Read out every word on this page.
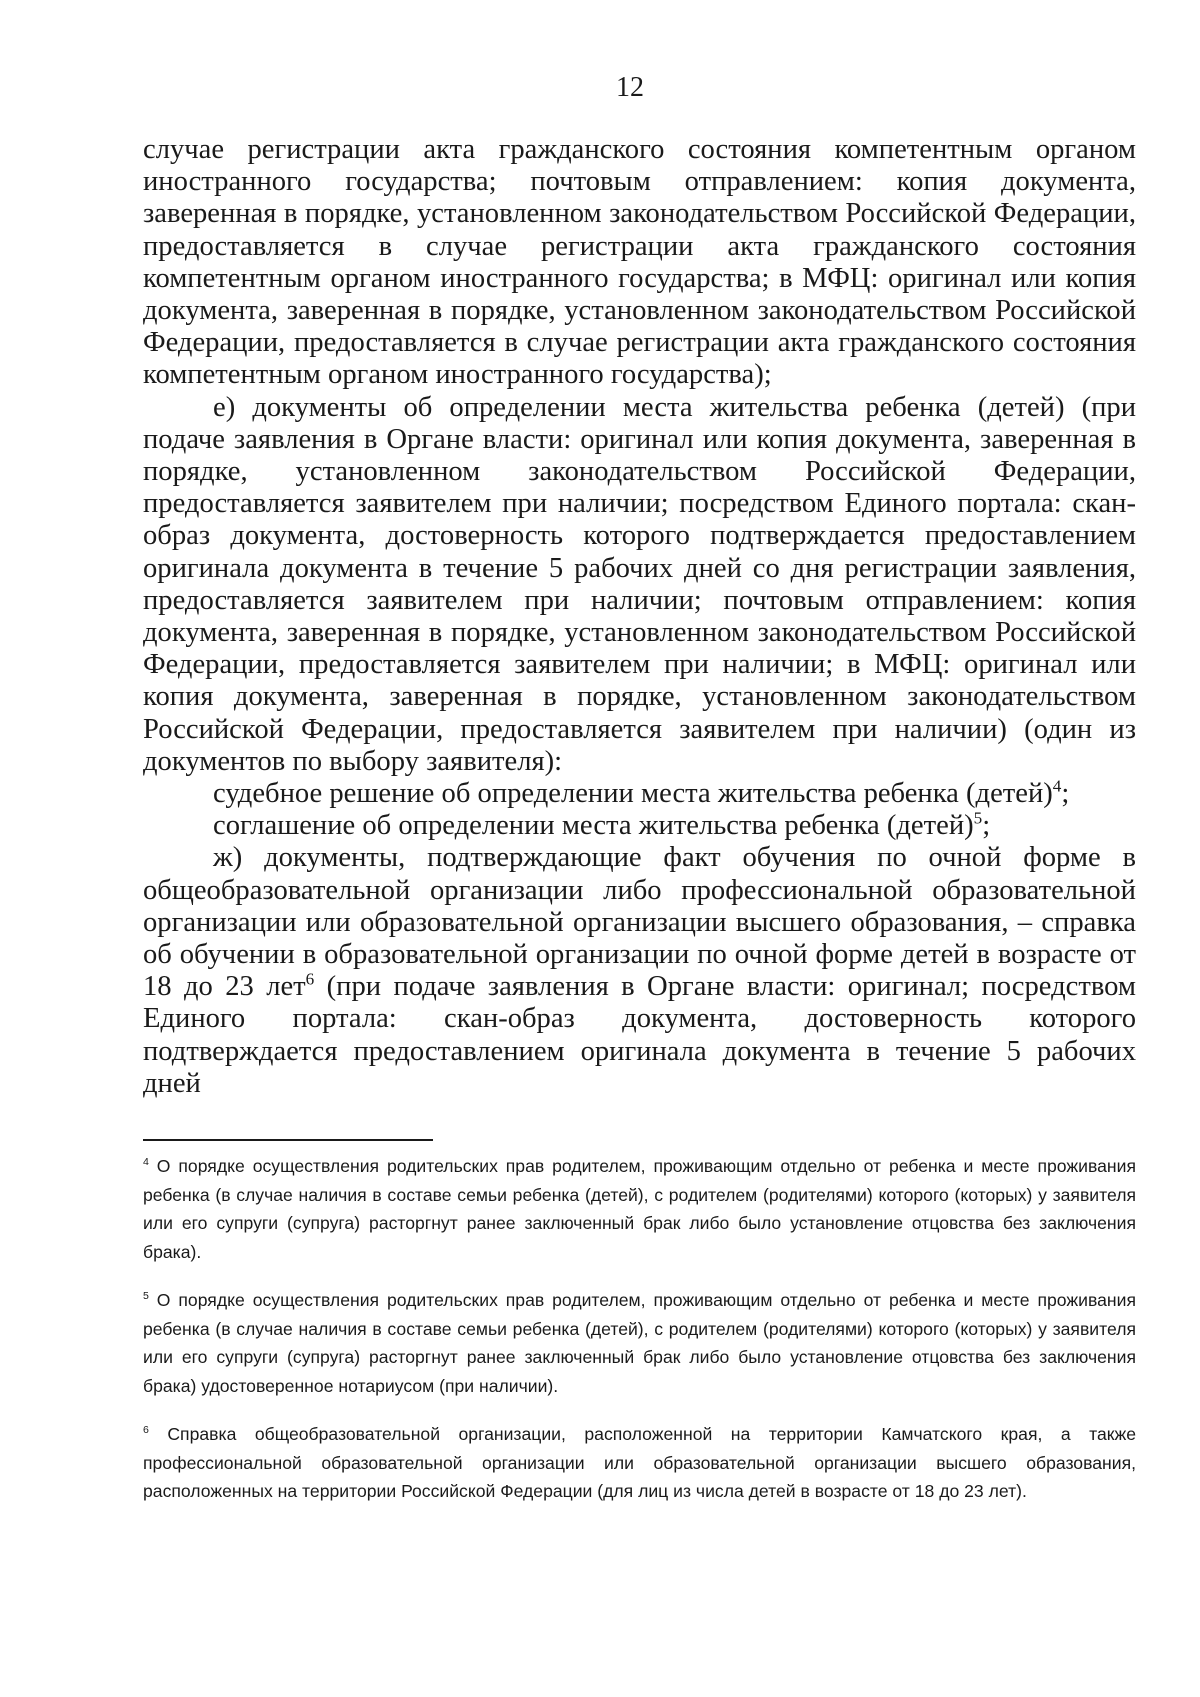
12

случае регистрации акта гражданского состояния компетентным органом иностранного государства; почтовым отправлением: копия документа, заверенная в порядке, установленном законодательством Российской Федерации, предоставляется в случае регистрации акта гражданского состояния компетентным органом иностранного государства; в МФЦ: оригинал или копия документа, заверенная в порядке, установленном законодательством Российской Федерации, предоставляется в случае регистрации акта гражданского состояния компетентным органом иностранного государства);

е) документы об определении места жительства ребенка (детей) (при подаче заявления в Органе власти: оригинал или копия документа, заверенная в порядке, установленном законодательством Российской Федерации, предоставляется заявителем при наличии; посредством Единого портала: скан-образ документа, достоверность которого подтверждается предоставлением оригинала документа в течение 5 рабочих дней со дня регистрации заявления, предоставляется заявителем при наличии; почтовым отправлением: копия документа, заверенная в порядке, установленном законодательством Российской Федерации, предоставляется заявителем при наличии; в МФЦ: оригинал или копия документа, заверенная в порядке, установленном законодательством Российской Федерации, предоставляется заявителем при наличии) (один из документов по выбору заявителя):

судебное решение об определении места жительства ребенка (детей)$^4$;

соглашение об определении места жительства ребенка (детей)$^5$;

ж) документы, подтверждающие факт обучения по очной форме в общеобразовательной организации либо профессиональной образовательной организации или образовательной организации высшего образования, – справка об обучении в образовательной организации по очной форме детей в возрасте от 18 до 23 лет$^6$ (при подаче заявления в Органе власти: оригинал; посредством Единого портала: скан-образ документа, достоверность которого подтверждается предоставлением оригинала документа в течение 5 рабочих дней

$^4$ О порядке осуществления родительских прав родителем, проживающим отдельно от ребенка и месте проживания ребенка (в случае наличия в составе семьи ребенка (детей), с родителем (родителями) которого (которых) у заявителя или его супруги (супруга) расторгнут ранее заключенный брак либо было установление отцовства без заключения брака).

$^5$ О порядке осуществления родительских прав родителем, проживающим отдельно от ребенка и месте проживания ребенка (в случае наличия в составе семьи ребенка (детей), с родителем (родителями) которого (которых) у заявителя или его супруги (супруга) расторгнут ранее заключенный брак либо было установление отцовства без заключения брака) удостоверенное нотариусом (при наличии).

$^6$ Справка общеобразовательной организации, расположенной на территории Камчатского края, а также профессиональной образовательной организации или образовательной организации высшего образования, расположенных на территории Российской Федерации (для лиц из числа детей в возрасте от 18 до 23 лет).
